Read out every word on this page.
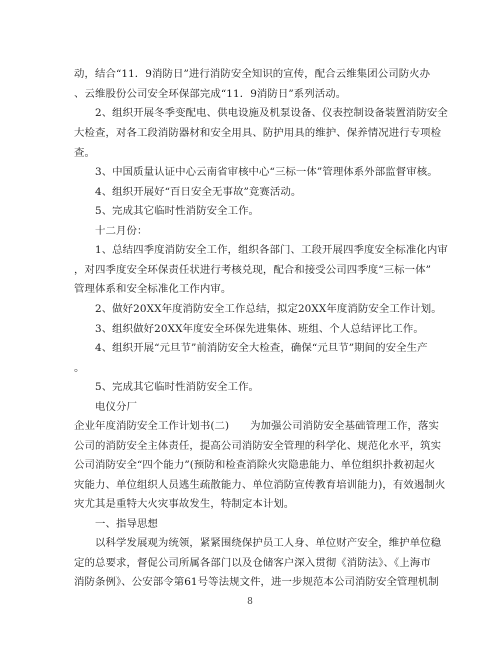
动，结合“11．9消防日”进行消防安全知识的宣传，配合云维集团公司防火办
、云维股份公司安全环保部完成“11．9消防日”系列活动。
　　2、组织开展冬季变配电、供电设施及机泵设备、仪表控制设备装置消防安全
大检查，对各工段消防器材和安全用具、防护用具的维护、保养情况进行专项检
查。
　　3、中国质量认证中心云南省审核中心“三标一体”管理体系外部监督审核。
　　4、组织开展好“百日安全无事故”竞赛活动。
　　5、完成其它临时性消防安全工作。
　　十二月份：
　　1、总结四季度消防安全工作，组织各部门、工段开展四季度安全标准化内审
，对四季度安全环保责任状进行考核兑现，配合和接受公司四季度“三标一体”
管理体系和安全标准化工作内审。
　　2、做好20XX年度消防安全工作总结，拟定20XX年度消防安全工作计划。
　　3、组织做好20XX年度安全环保先进集体、班组、个人总结评比工作。
　　4、组织开展“元旦节”前消防安全大检查，确保“元旦节”期间的安全生产
。
　　5、完成其它临时性消防安全工作。
　　电仪分厂
企业年度消防安全工作计划书(二)　　为加强公司消防安全基础管理工作，落实
公司的消防安全主体责任，提高公司消防安全管理的科学化、规范化水平，筑实
公司消防安全“四个能力”(预防和检查消除火灾隐患能力、单位组织扑救初起火
灾能力、单位组织人员逃生疏散能力、单位消防宣传教育培训能力)，有效遏制火
灾尤其是重特大火灾事故发生，特制定本计划。
　　一、指导思想
　　以科学发展观为统领，紧紧围绕保护员工人身、单位财产安全，维护单位稳
定的总要求，督促公司所属各部门以及仓储客户深入贯彻《消防法》、《上海市
消防条例》、公安部令第61号等法规文件，进一步规范本公司消防安全管理机制
8
